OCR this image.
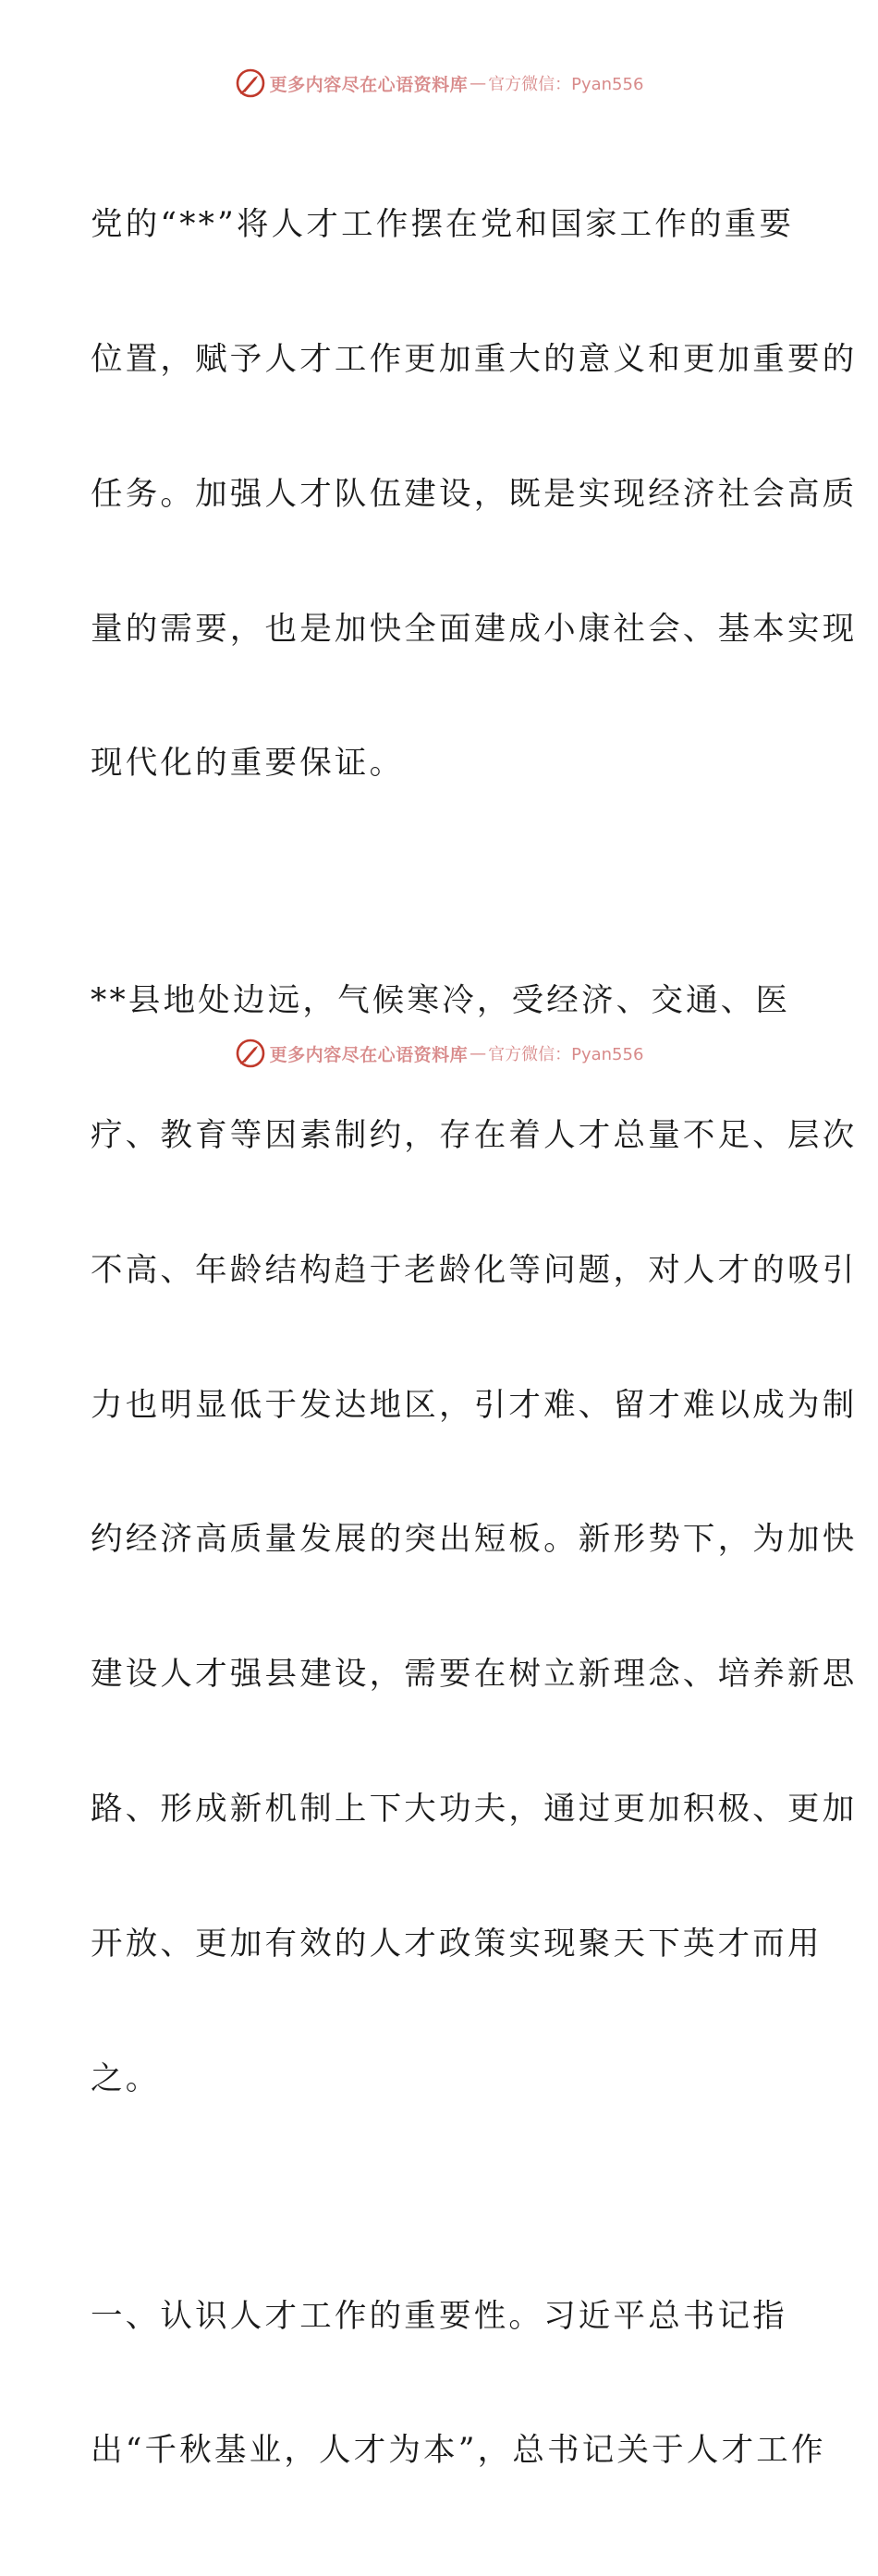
更多内容尽在心语资料库 — 官方微信：Pyan556

党的“**”将人才工作摆在党和国家工作的重要

位置，赋予人才工作更加重大的意义和更加重要的

任务。加强人才队伍建设，既是实现经济社会高质

量的需要，也是加快全面建成小康社会、基本实现

现代化的重要保证。

**县地处边远，气候寒冷，受经济、交通、医

疗、教育等因素制约，存在着人才总量不足、层次

不高、年龄结构趋于老龄化等问题，对人才的吸引

力也明显低于发达地区，引才难、留才难以成为制

约经济高质量发展的突出短板。新形势下，为加快

建设人才强县建设，需要在树立新理念、培养新思

路、形成新机制上下大功夫，通过更加积极、更加

开放、更加有效的人才政策实现聚天下英才而用

之。

一、认识人才工作的重要性。习近平总书记指

出“千秋基业，人才为本”，总书记关于人才工作

更多内容尽在心语资料库 — 官方微信：Pyan556
